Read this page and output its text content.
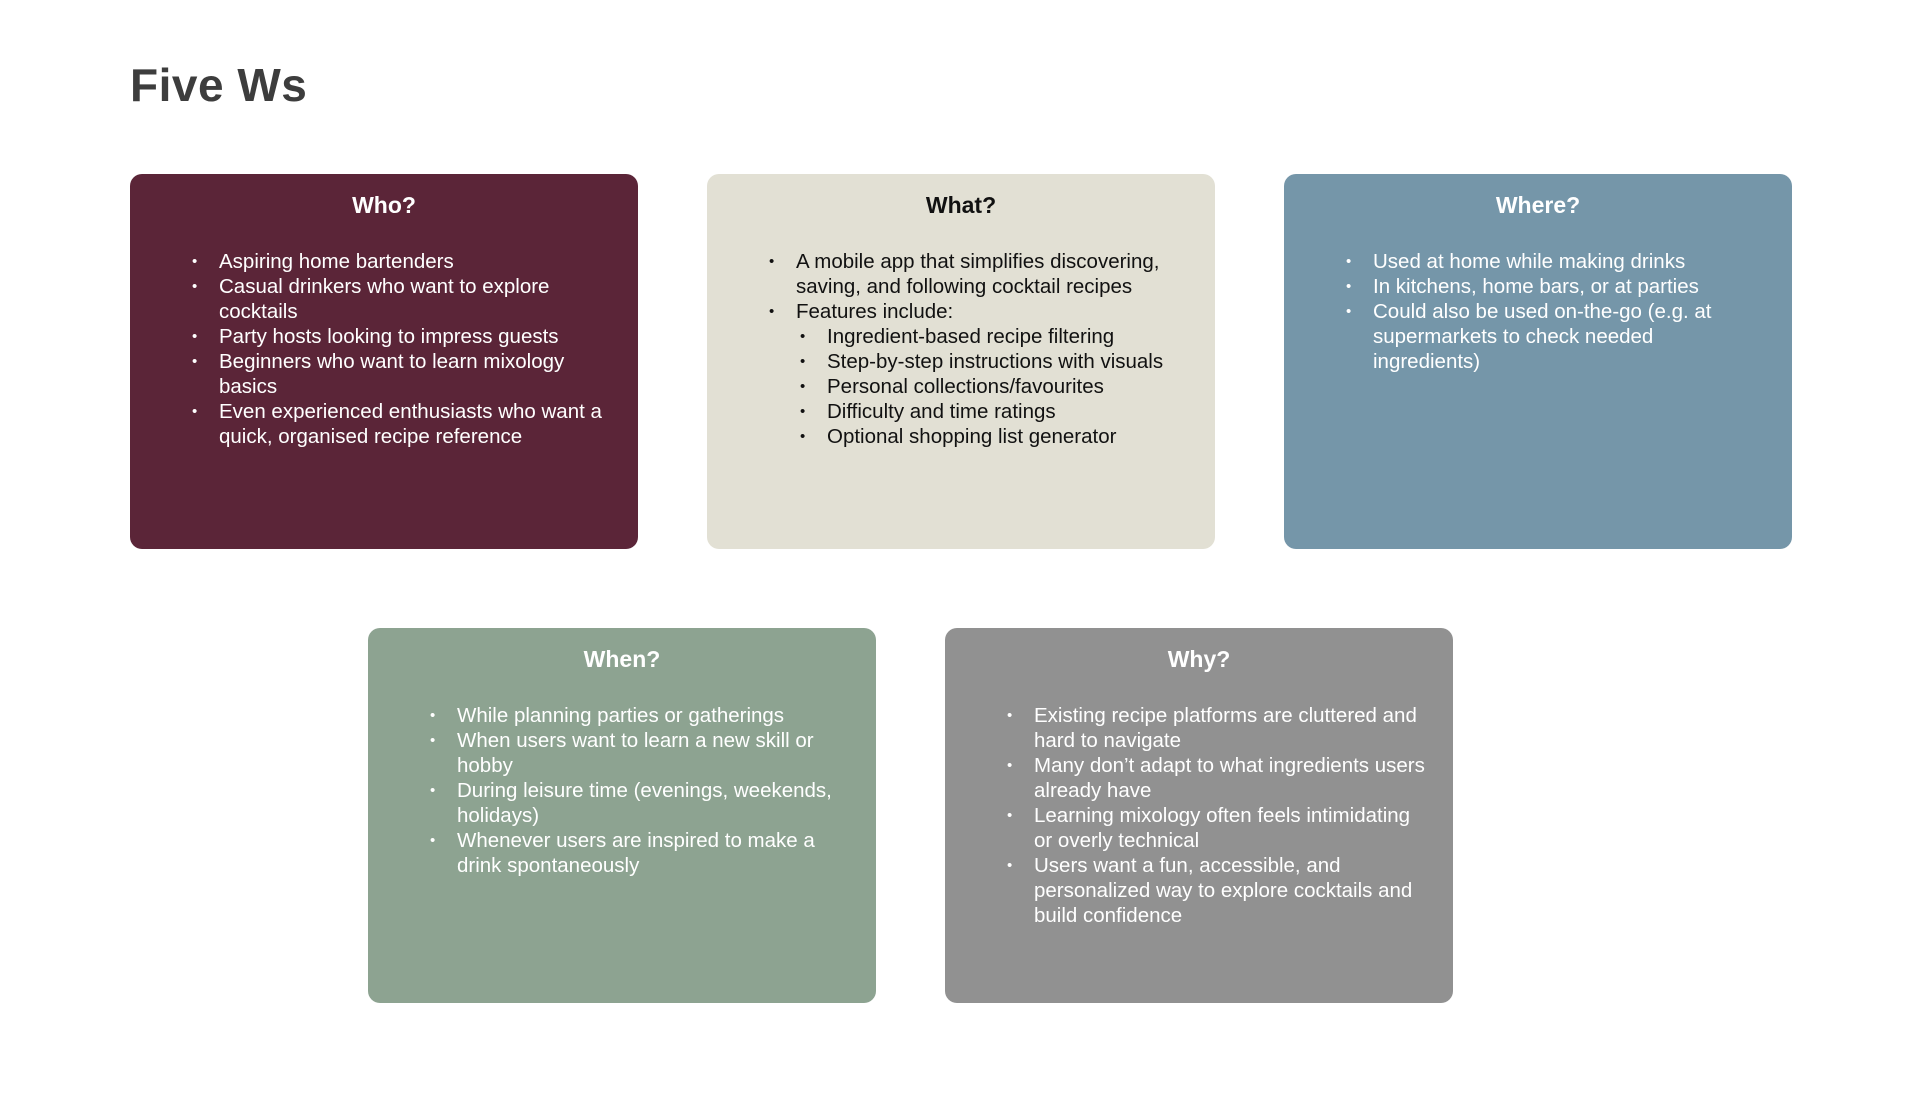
Five Ws
Who?
• Aspiring home bartenders
• Casual drinkers who want to explore cocktails
• Party hosts looking to impress guests
• Beginners who want to learn mixology basics
• Even experienced enthusiasts who want a quick, organised recipe reference
What?
• A mobile app that simplifies discovering, saving, and following cocktail recipes
• Features include:
• Ingredient-based recipe filtering
• Step-by-step instructions with visuals
• Personal collections/favourites
• Difficulty and time ratings
• Optional shopping list generator
Where?
• Used at home while making drinks
• In kitchens, home bars, or at parties
• Could also be used on-the-go (e.g. at supermarkets to check needed ingredients)
When?
• While planning parties or gatherings
• When users want to learn a new skill or hobby
• During leisure time (evenings, weekends, holidays)
• Whenever users are inspired to make a drink spontaneously
Why?
• Existing recipe platforms are cluttered and hard to navigate
• Many don’t adapt to what ingredients users already have
• Learning mixology often feels intimidating or overly technical
• Users want a fun, accessible, and personalized way to explore cocktails and build confidence
